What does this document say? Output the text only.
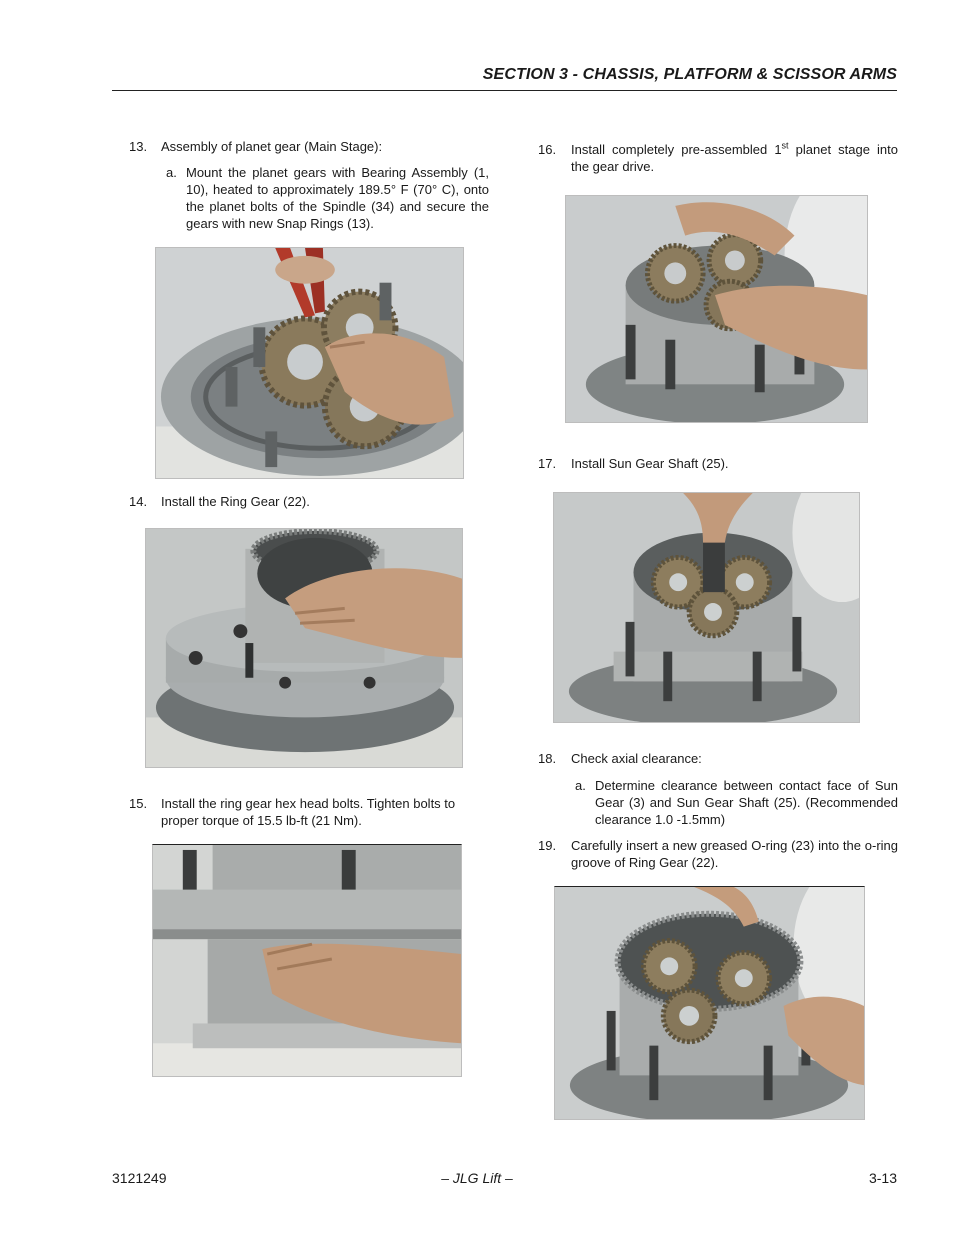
SECTION 3 - CHASSIS, PLATFORM & SCISSOR ARMS
13. Assembly of planet gear (Main Stage):
a. Mount the planet gears with Bearing Assembly (1, 10), heated to approximately 189.5° F (70° C), onto the planet bolts of the Spindle (34) and secure the gears with new Snap Rings (13).
14. Install the Ring Gear (22).
15. Install the ring gear hex head bolts. Tighten bolts to proper torque of 15.5 lb-ft (21 Nm).
16. Install completely pre-assembled 1st planet stage into the gear drive.
17. Install Sun Gear Shaft (25).
18. Check axial clearance:
a. Determine clearance between contact face of Sun Gear (3) and Sun Gear Shaft (25). (Recommended clearance 1.0 -1.5mm)
19. Carefully insert a new greased O-ring (23) into the o-ring groove of Ring Gear (22).
3121249	– JLG Lift –	3-13
